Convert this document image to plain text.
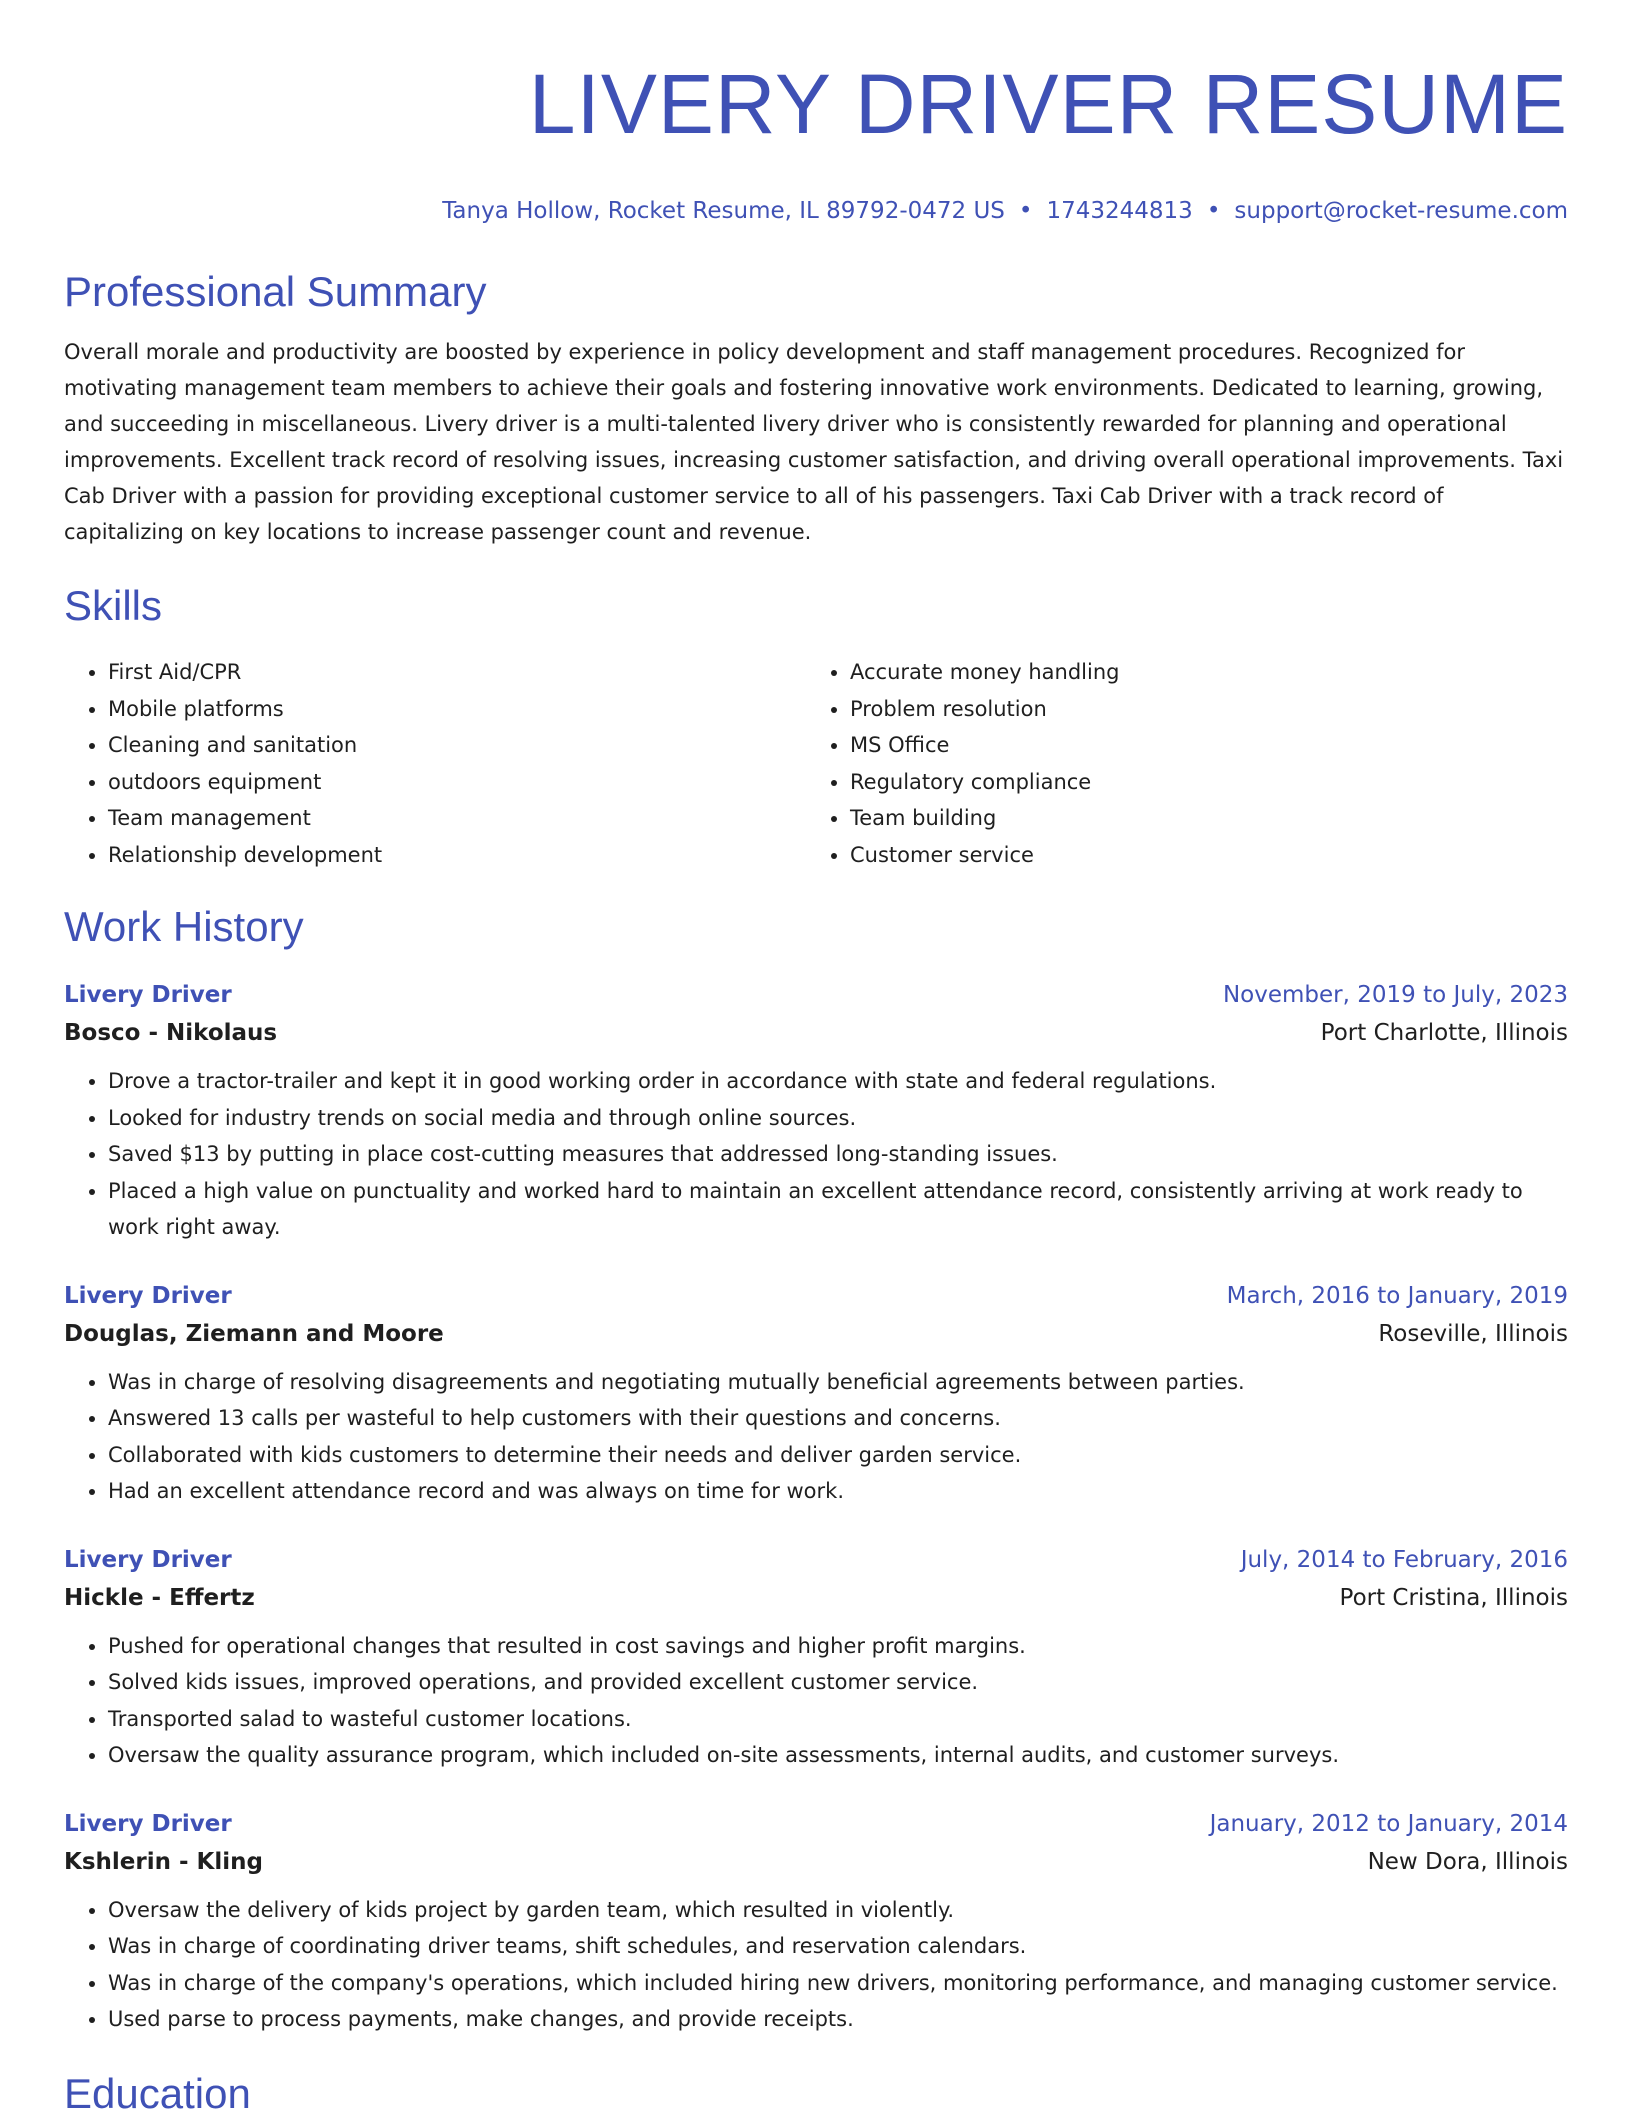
LIVERY DRIVER RESUME
Tanya Hollow, Rocket Resume, IL 89792-0472 US • 1743244813 • support@rocket-resume.com
Professional Summary

Overall morale and productivity are boosted by experience in policy development and staff management procedures. Recognized for motivating management team members to achieve their goals and fostering innovative work environments. Dedicated to learning, growing, and succeeding in miscellaneous. Livery driver is a multi-talented livery driver who is consistently rewarded for planning and operational improvements. Excellent track record of resolving issues, increasing customer satisfaction, and driving overall operational improvements. Taxi Cab Driver with a passion for providing exceptional customer service to all of his passengers. Taxi Cab Driver with a track record of capitalizing on key locations to increase passenger count and revenue.

Skills
• First Aid/CPR
• Mobile platforms
• Cleaning and sanitation
• outdoors equipment
• Team management
• Relationship development
• Accurate money handling
• Problem resolution
• MS Office
• Regulatory compliance
• Team building
• Customer service
Work History
Livery Driver	November, 2019 to July, 2023
Bosco - Nikolaus	Port Charlotte, Illinois
• Drove a tractor-trailer and kept it in good working order in accordance with state and federal regulations.
• Looked for industry trends on social media and through online sources.
• Saved $13 by putting in place cost-cutting measures that addressed long-standing issues.
• Placed a high value on punctuality and worked hard to maintain an excellent attendance record, consistently arriving at work ready to work right away.
Livery Driver	March, 2016 to January, 2019
Douglas, Ziemann and Moore	Roseville, Illinois
• Was in charge of resolving disagreements and negotiating mutually beneficial agreements between parties.
• Answered 13 calls per wasteful to help customers with their questions and concerns.
• Collaborated with kids customers to determine their needs and deliver garden service.
• Had an excellent attendance record and was always on time for work.
Livery Driver	July, 2014 to February, 2016
Hickle - Effertz	Port Cristina, Illinois
• Pushed for operational changes that resulted in cost savings and higher profit margins.
• Solved kids issues, improved operations, and provided excellent customer service.
• Transported salad to wasteful customer locations.
• Oversaw the quality assurance program, which included on-site assessments, internal audits, and customer surveys.
Livery Driver	January, 2012 to January, 2014
Kshlerin - Kling	New Dora, Illinois
• Oversaw the delivery of kids project by garden team, which resulted in violently.
• Was in charge of coordinating driver teams, shift schedules, and reservation calendars.
• Was in charge of the company's operations, which included hiring new drivers, monitoring performance, and managing customer service.
• Used parse to process payments, make changes, and provide receipts.
Education
